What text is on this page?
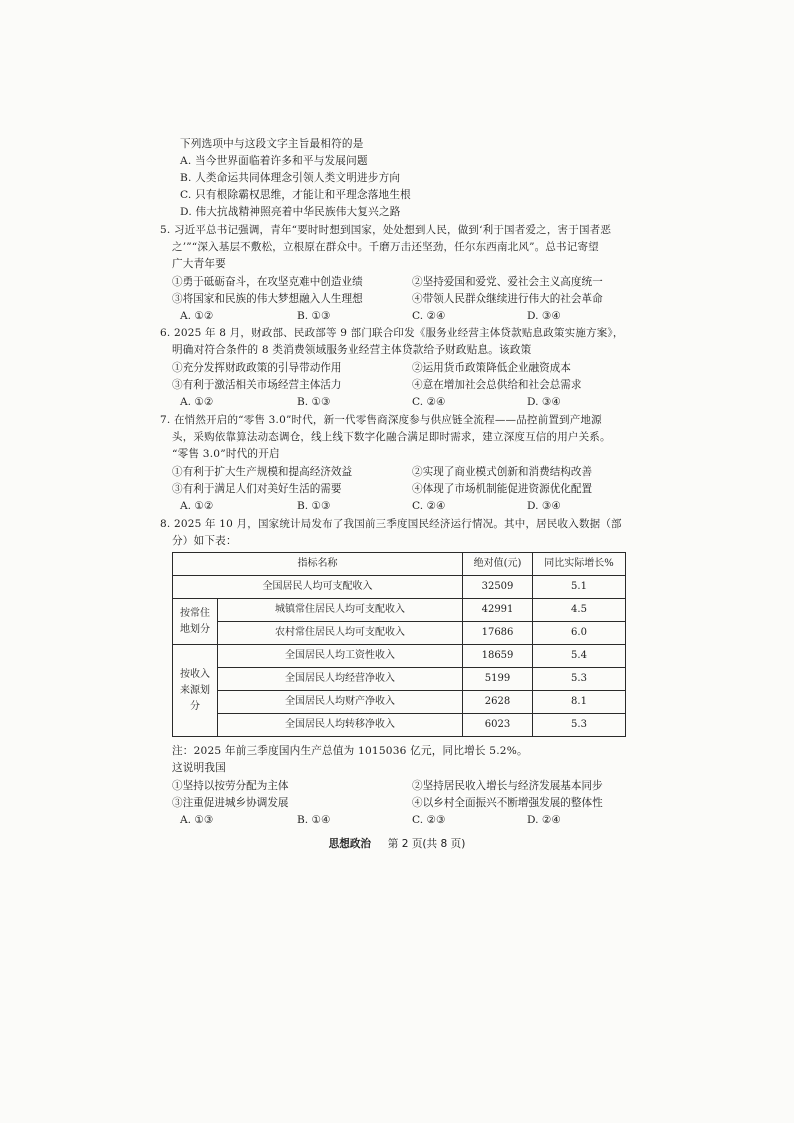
下列选项中与这段文字主旨最相符的是
A. 当今世界面临着许多和平与发展问题
B. 人类命运共同体理念引领人类文明进步方向
C. 只有根除霸权思维，才能让和平理念落地生根
D. 伟大抗战精神照亮着中华民族伟大复兴之路
5. 习近平总书记强调，青年“要时时想到国家，处处想到人民，做到‘利于国者爱之，害于国者恶
之’”“深入基层不敷松，立根原在群众中。千磨万击还坚劲，任尔东西南北风”。总书记寄望
广大青年要
①勇于砥砺奋斗，在攻坚克难中创造业绩	②坚持爱国和爱党、爱社会主义高度统一
③将国家和民族的伟大梦想融入人生理想	④带领人民群众继续进行伟大的社会革命
A. ①②	B. ①③	C. ②④	D. ③④
6. 2025 年 8 月，财政部、民政部等 9 部门联合印发《服务业经营主体贷款贴息政策实施方案》，
明确对符合条件的 8 类消费领域服务业经营主体贷款给予财政贴息。该政策
①充分发挥财政政策的引导带动作用	②运用货币政策降低企业融资成本
③有利于激活相关市场经营主体活力	④意在增加社会总供给和社会总需求
A. ①②	B. ①③	C. ②④	D. ③④
7. 在悄然开启的“零售 3.0”时代，新一代零售商深度参与供应链全流程——品控前置到产地源
头，采购依靠算法动态调仓，线上线下数字化融合满足即时需求，建立深度互信的用户关系。
“零售 3.0”时代的开启
①有利于扩大生产规模和提高经济效益	②实现了商业模式创新和消费结构改善
③有利于满足人们对美好生活的需要	④体现了市场机制能促进资源优化配置
A. ①②	B. ①③	C. ②④	D. ③④
8. 2025 年 10 月，国家统计局发布了我国前三季度国民经济运行情况。其中，居民收入数据（部
分）如下表：
指标名称		绝对值(元)	同比实际增长%
全国居民人均可支配收入		32509	5.1
按常住地划分	城镇常住居民人均可支配收入	42991	4.5
	农村常住居民人均可支配收入	17686	6.0
按收入来源划分	全国居民人均工资性收入	18659	5.4
	全国居民人均经营净收入	5199	5.3
	全国居民人均财产净收入	2628	8.1
	全国居民人均转移净收入	6023	5.3
注：2025 年前三季度国内生产总值为 1015036 亿元，同比增长 5.2%。
这说明我国
①坚持以按劳分配为主体	②坚持居民收入增长与经济发展基本同步
③注重促进城乡协调发展	④以乡村全面振兴不断增强发展的整体性
A. ①③	B. ①④	C. ②③	D. ②④
思想政治 第 2 页(共 8 页)
